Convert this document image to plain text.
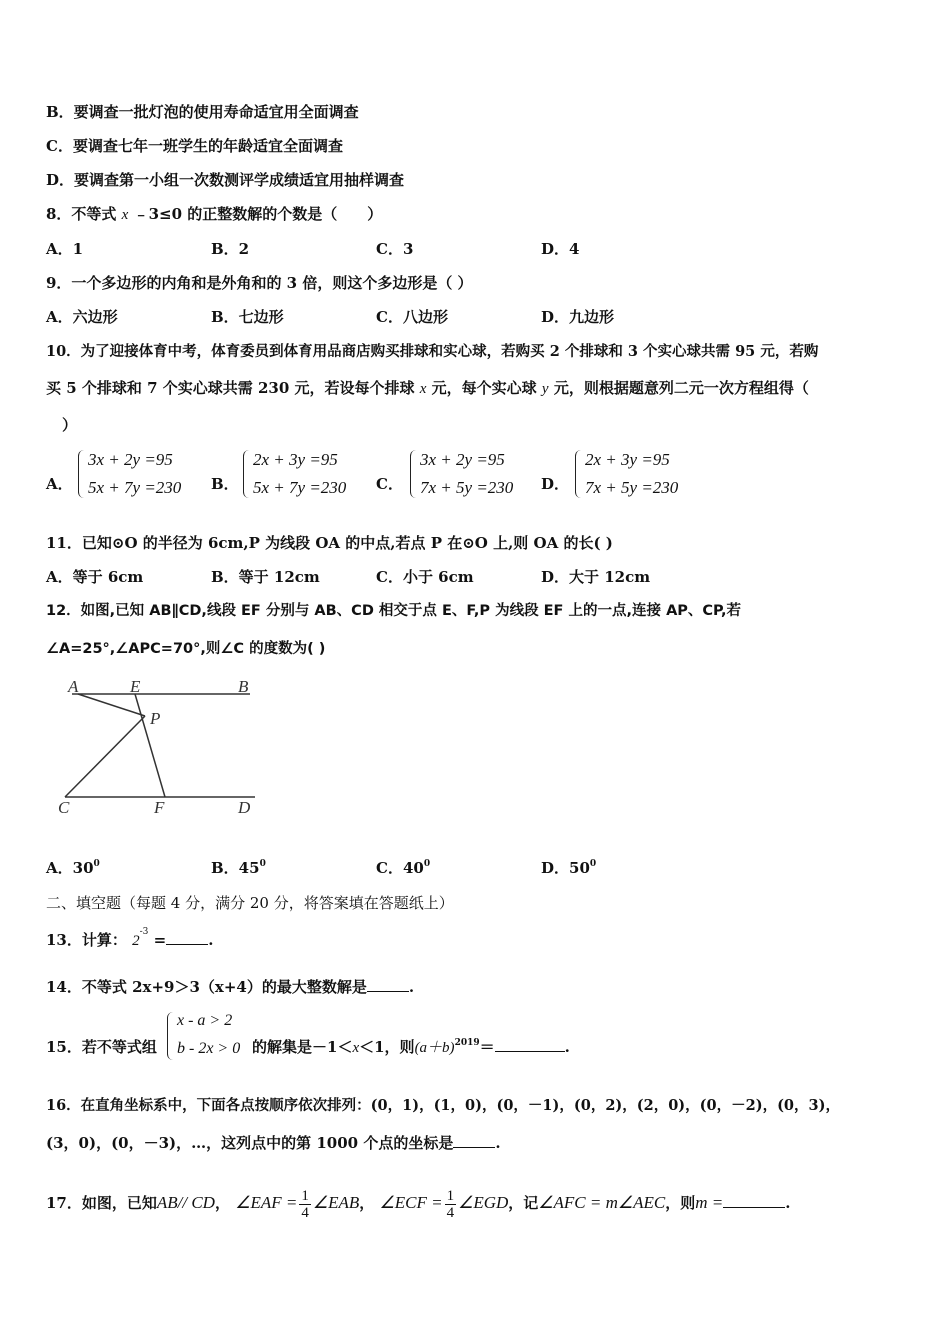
B．要调查一批灯泡的使用寿命适宜用全面调查
C．要调查七年一班学生的年龄适宜全面调查
D．要调查第一小组一次数测评学成绩适宜用抽样调查
8．不等式 x ﹣3≤0 的正整数解的个数是（　　）
A．1	B．2	C．3	D．4
9．一个多边形的内角和是外角和的 3 倍，则这个多边形是（ ）
A．六边形	B．七边形	C．八边形	D．九边形
10．为了迎接体育中考，体育委员到体育用品商店购买排球和实心球，若购买 2 个排球和 3 个实心球共需 95 元，若购
买 5 个排球和 7 个实心球共需 230 元，若设每个排球 x 元，每个实心球 y 元，则根据题意列二元一次方程组得（
）
A．
3x + 2y =95
5x + 7y =230 B．
2x + 3y =95
5x + 7y =230 C．
3x + 2y =95
7x + 5y =230 D．
2x + 3y =95
7x + 5y =230
11．已知⊙O 的半径为 6cm,P 为线段 OA 的中点,若点 P 在⊙O 上,则 OA 的长( )
A．等于 6cm	B．等于 12cm	C．小于 6cm	D．大于 12cm
12．如图,已知 AB∥CD,线段 EF 分别与 AB、CD 相交于点 E、F,P 为线段 EF 上的一点,连接 AP、CP,若
∠A=25°,∠APC=70°,则∠C 的度数为( )
A	E	B
P
C	F	D
A．$30^0$	B．$45^0$	C．$40^0$	D．$50^0$
二、填空题（每题 4 分，满分 20 分，将答案填在答题纸上）
13．计算： $2^{-3}$ =	.
14．不等式 2x+9＞3（x+4）的最大整数解是	.
15．若不等式组
x - a > 2
b - 2x > 0 的解集是－1＜x＜1，则$(a+b)^{2019}=$	.
16．在直角坐标系中，下面各点按顺序依次排列：(0，1)，(1，0)，(0，－1)，(0，2)，(2，0)，(0，－2)，(0，3)，
(3，0)，(0，－3)，…，这列点中的第 1000 个点的坐标是	.
17．如图，已知AB// CD， ∠EAF = $\frac{1}{4}$ ∠EAB， ∠ECF = $\frac{1}{4}$ ∠EGD，记∠AFC = m∠AEC，则m =	.
